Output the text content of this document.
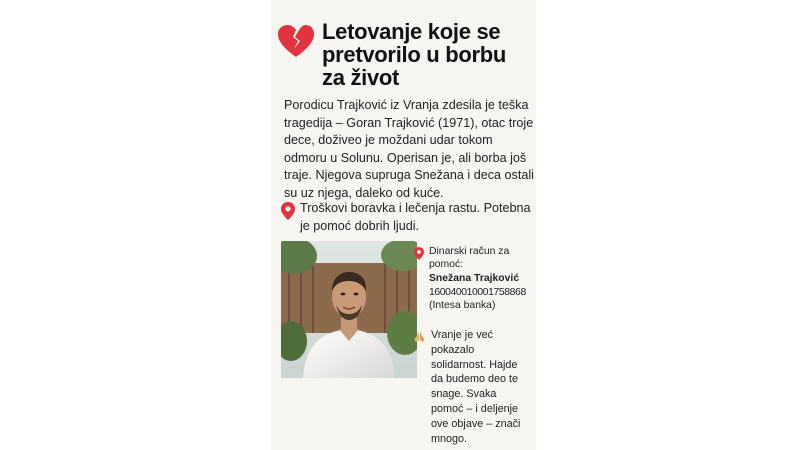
Letovanje koje se pretvorilo u borbu za život

Porodicu Trajković iz Vranja zdesila je teška tragedija – Goran Trajković (1971), otac troje dece, doživeo je moždani udar tokom odmoru u Solunu. Operisan je, ali borba još traje. Njegova supruga Snežana i deca ostali su uz njega, daleko od kuće.

Troškovi boravka i lečenja rastu. Potebna je pomoć dobrih ljudi.

Dinarski račun za pomoć:
Snežana Trajković
160040010001758868
(Intesa banka)

Vranje je već pokazalo solidarnost. Hajde da budemo deo te snage. Svaka pomoć – i deljenje ove objave – znači mnogo.
